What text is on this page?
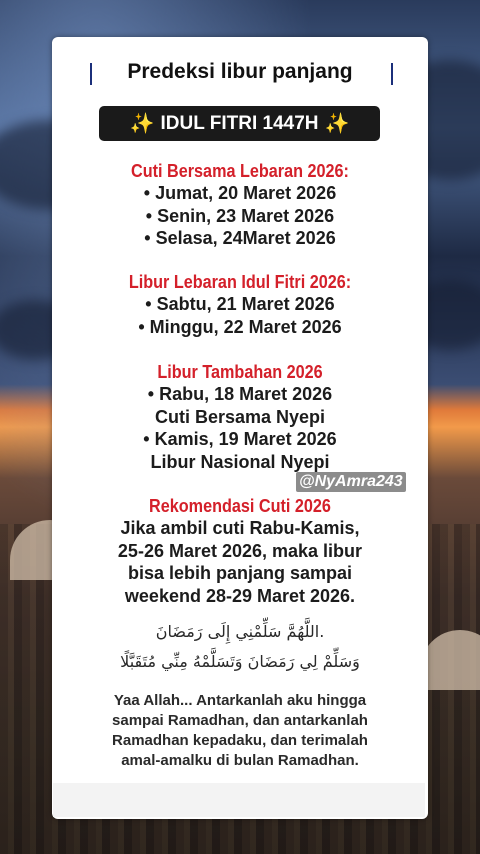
Predeksi libur panjang
✨ IDUL FITRI 1447H ✨
Cuti Bersama Lebaran 2026:
• Jumat, 20 Maret 2026
• Senin, 23 Maret 2026
• Selasa, 24Maret 2026
Libur Lebaran Idul Fitri 2026:
• Sabtu, 21 Maret 2026
• Minggu, 22 Maret 2026
Libur Tambahan 2026
• Rabu, 18 Maret 2026
Cuti Bersama Nyepi
• Kamis, 19 Maret 2026
Libur Nasional Nyepi
Rekomendasi Cuti 2026
Jika ambil cuti Rabu-Kamis,
25-26 Maret 2026, maka libur
bisa lebih panjang sampai
weekend 28-29 Maret 2026.
.اللَّهُمَّ سَلِّمْنِي إِلَى رَمَضَانَ
وَسَلِّمْ لِي رَمَضَانَ وَتَسَلَّمْهُ مِنِّي مُتَقَبَّلًا
Yaa Allah... Antarkanlah aku hingga
sampai Ramadhan, dan antarkanlah
Ramadhan kepadaku, dan terimalah
amal-amalku di bulan Ramadhan.
@NyAmra243
